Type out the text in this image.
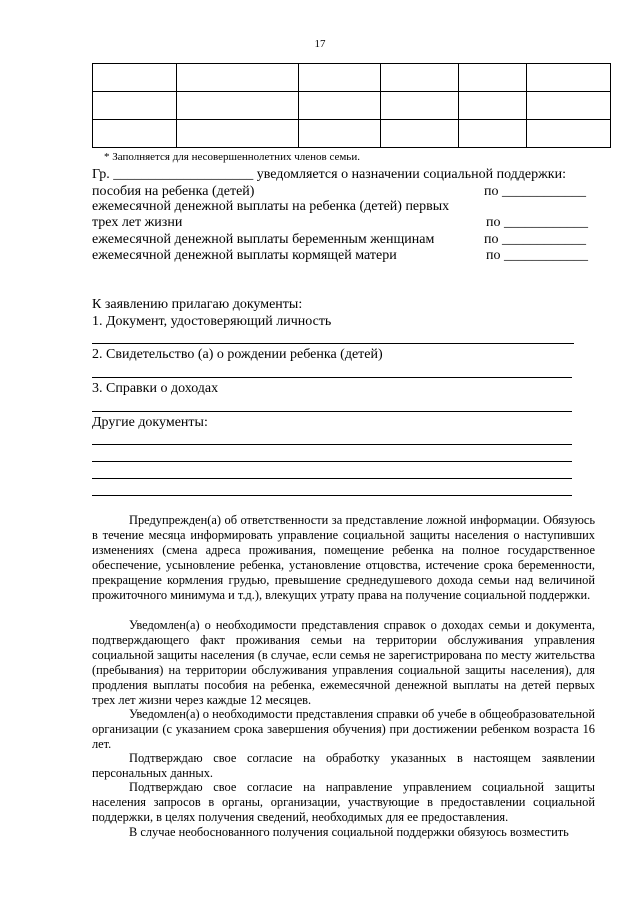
17

* Заполняется для несовершеннолетних членов семьи.
Гр. ____________________ уведомляется о назначении социальной поддержки:
пособия на ребенка (детей)	по ____________
ежемесячной денежной выплаты на ребенка (детей) первых
трех лет жизни	по ____________
ежемесячной денежной выплаты беременным женщинам	по ____________
ежемесячной денежной выплаты кормящей матери	по ____________
К заявлению прилагаю документы:
1. Документ, удостоверяющий личность
2. Свидетельство (а) о рождении ребенка (детей)
3. Справки о доходах
Другие документы:
Предупрежден(а) об ответственности за представление ложной информации. Обязуюсь в течение месяца информировать управление социальной защиты населения о наступивших изменениях (смена адреса проживания, помещение ребенка на полное государственное обеспечение, усыновление ребенка, установление отцовства, истечение срока беременности, прекращение кормления грудью, превышение среднедушевого дохода семьи над величиной прожиточного минимума и т.д.), влекущих утрату права на получение социальной поддержки.
Уведомлен(а) о необходимости представления справок о доходах семьи и документа, подтверждающего факт проживания семьи на территории обслуживания управления социальной защиты населения (в случае, если семья не зарегистрирована по месту жительства (пребывания) на территории обслуживания управления социальной защиты населения), для продления выплаты пособия на ребенка, ежемесячной денежной выплаты на детей первых трех лет жизни через каждые 12 месяцев.
Уведомлен(а) о необходимости представления справки об учебе в общеобразовательной организации (с указанием срока завершения обучения) при достижении ребенком возраста 16 лет.
Подтверждаю свое согласие на обработку указанных в настоящем заявлении персональных данных.
Подтверждаю свое согласие на направление управлением социальной защиты населения запросов в органы, организации, участвующие в предоставлении социальной поддержки, в целях получения сведений, необходимых для ее предоставления.
В случае необоснованного получения социальной поддержки обязуюсь возместить
